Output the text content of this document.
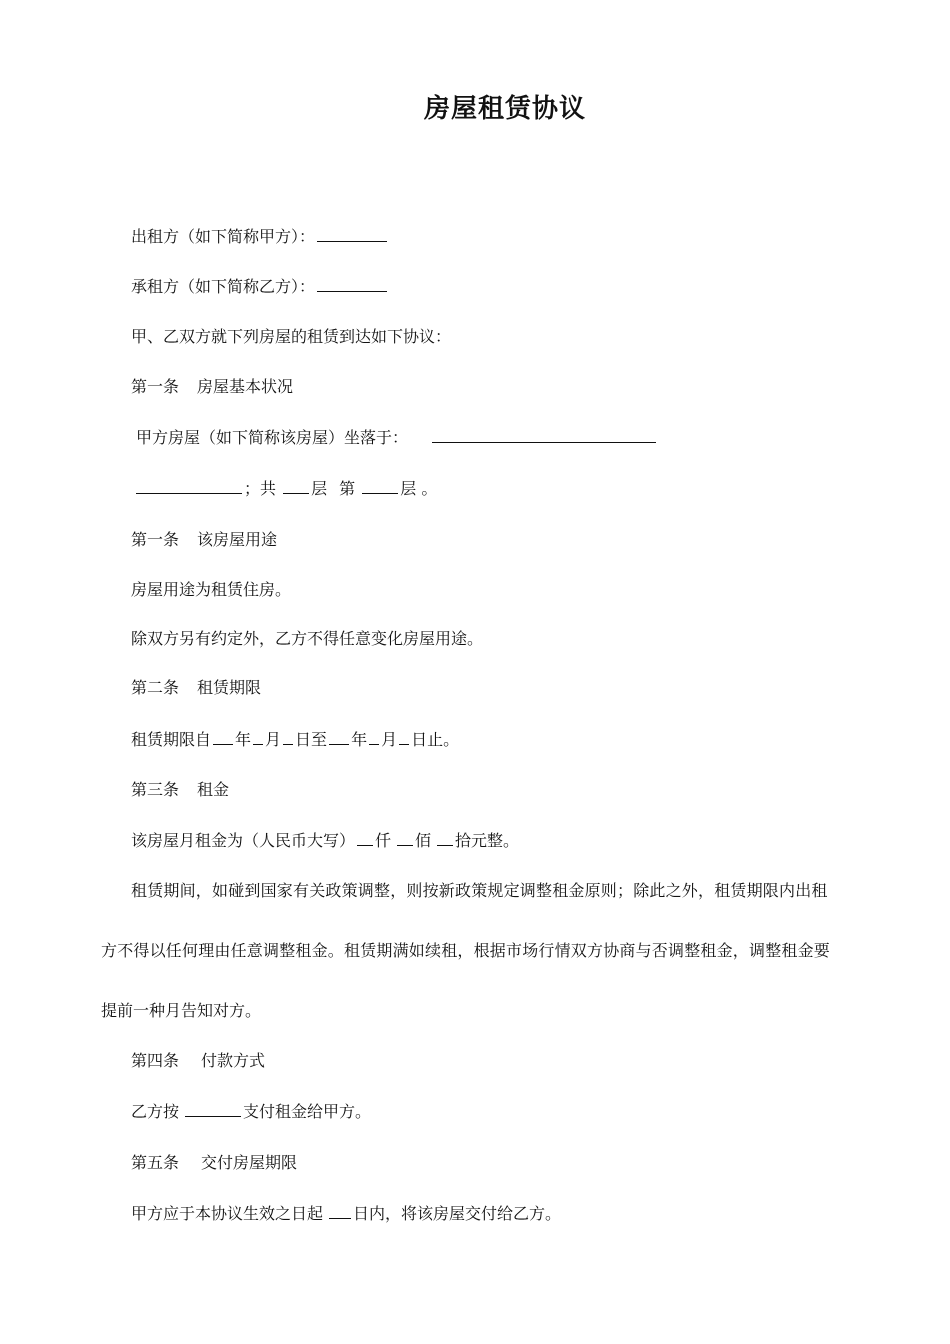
房屋租赁协议
出租方（如下简称甲方）：
承租方（如下简称乙方）：
甲、乙双方就下列房屋的租赁到达如下协议：
第一条 房屋基本状况
甲方房屋（如下简称该房屋）坐落于：
；共 层 第	层 。
第一条 该房屋用途
房屋用途为租赁住房。
除双方另有约定外，乙方不得任意变化房屋用途。
第二条 租赁期限
租赁期限自 年 月 日至 年 月 日止。
第三条 租金
该房屋月租金为（人民币大写） 仟 佰 拾元整。
租赁期间，如碰到国家有关政策调整，则按新政策规定调整租金原则；除此之外，租赁期限内出租
方不得以任何理由任意调整租金。租赁期满如续租，根据市场行情双方协商与否调整租金，调整租金要
提前一种月告知对方。
第四条 付款方式
乙方按	支付租金给甲方。
第五条 交付房屋期限
甲方应于本协议生效之日起 日内，将该房屋交付给乙方。
